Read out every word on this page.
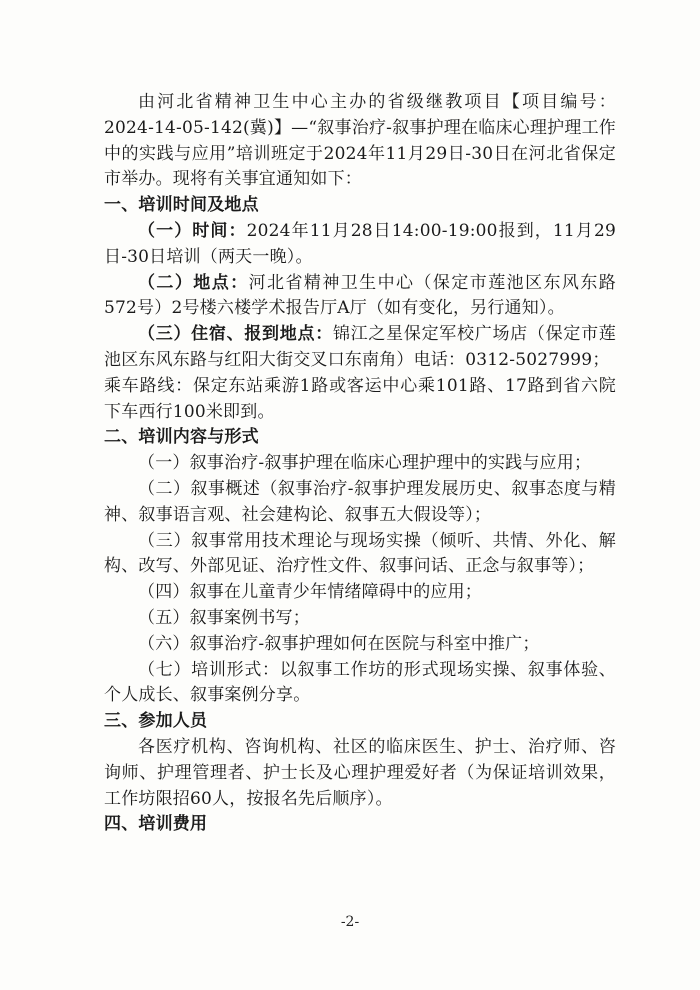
由河北省精神卫生中心主办的省级继教项目【项目编号：2024-14-05-142(冀)】—“叙事治疗-叙事护理在临床心理护理工作中的实践与应用”培训班定于2024年11月29日-30日在河北省保定市举办。现将有关事宜通知如下：

一、培训时间及地点

（一）时间：2024年11月28日14:00-19:00报到，11月29日-30日培训（两天一晚）。

（二）地点：河北省精神卫生中心（保定市莲池区东风东路572号）2号楼六楼学术报告厅A厅（如有变化，另行通知）。

（三）住宿、报到地点：锦江之星保定军校广场店（保定市莲池区东风东路与红阳大街交叉口东南角）电话：0312-5027999；

乘车路线：保定东站乘游1路或客运中心乘101路、17路到省六院下车西行100米即到。

二、培训内容与形式

（一）叙事治疗-叙事护理在临床心理护理中的实践与应用；

（二）叙事概述（叙事治疗-叙事护理发展历史、叙事态度与精神、叙事语言观、社会建构论、叙事五大假设等）；

（三）叙事常用技术理论与现场实操（倾听、共情、外化、解构、改写、外部见证、治疗性文件、叙事问话、正念与叙事等）；

（四）叙事在儿童青少年情绪障碍中的应用；

（五）叙事案例书写；

（六）叙事治疗-叙事护理如何在医院与科室中推广；

（七）培训形式：以叙事工作坊的形式现场实操、叙事体验、个人成长、叙事案例分享。

三、参加人员

各医疗机构、咨询机构、社区的临床医生、护士、治疗师、咨询师、护理管理者、护士长及心理护理爱好者（为保证培训效果，工作坊限招60人，按报名先后顺序）。

四、培训费用

-2-
